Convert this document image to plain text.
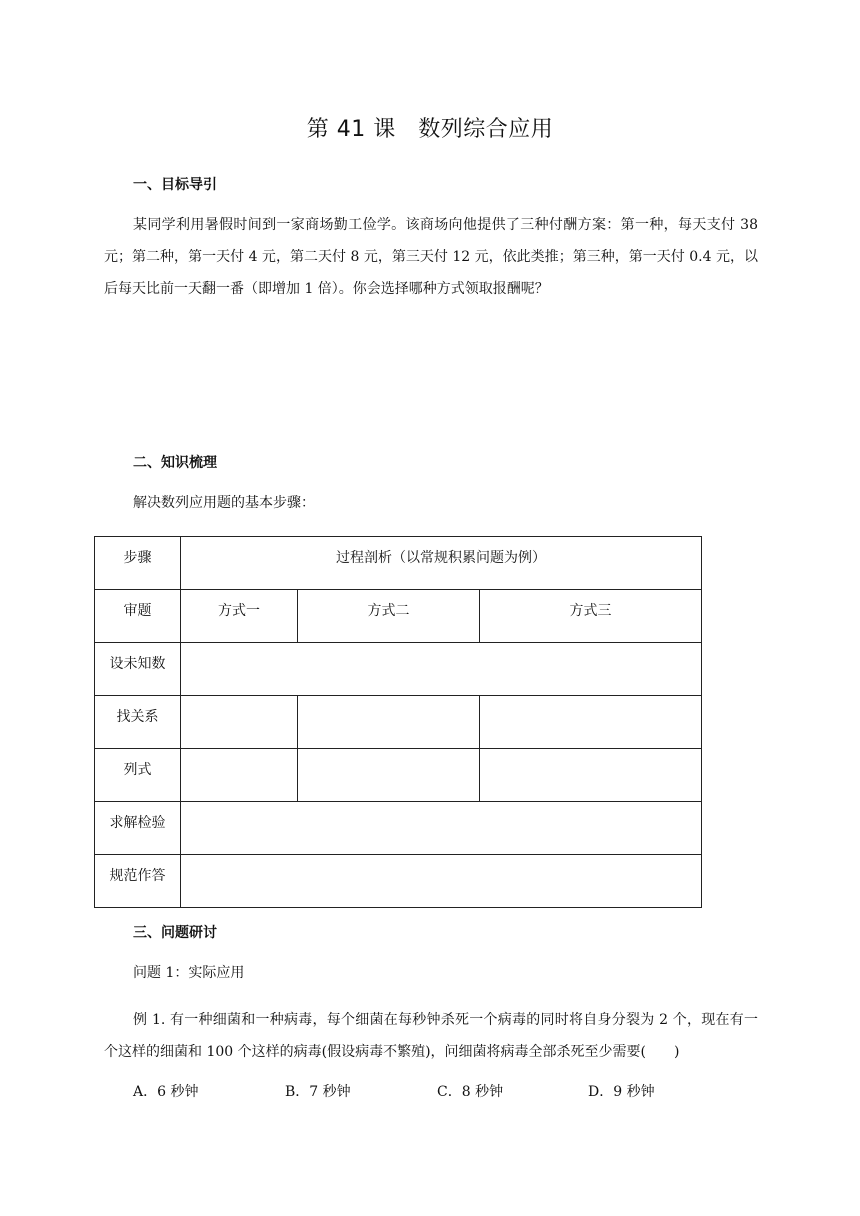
第 41 课　数列综合应用
一、目标导引
某同学利用暑假时间到一家商场勤工俭学。该商场向他提供了三种付酬方案：第一种，每天支付 38 元；第二种，第一天付 4 元，第二天付 8 元，第三天付 12 元，依此类推；第三种，第一天付 0.4 元，以后每天比前一天翻一番（即增加 1 倍）。你会选择哪种方式领取报酬呢？
二、知识梳理
解决数列应用题的基本步骤：
步骤	过程剖析（以常规积累问题为例）		

审题	方式一	方式二	方式三

设未知数			

找关系			

列式			

求解检验			

规范作答			

三、问题研讨
问题 1：实际应用
例 1. 有一种细菌和一种病毒，每个细菌在每秒钟杀死一个病毒的同时将自身分裂为 2 个，现在有一个这样的细菌和 100 个这样的病毒(假设病毒不繁殖)，问细菌将病毒全部杀死至少需要(　　)
A．6 秒钟	B．7 秒钟	C．8 秒钟	D．9 秒钟
